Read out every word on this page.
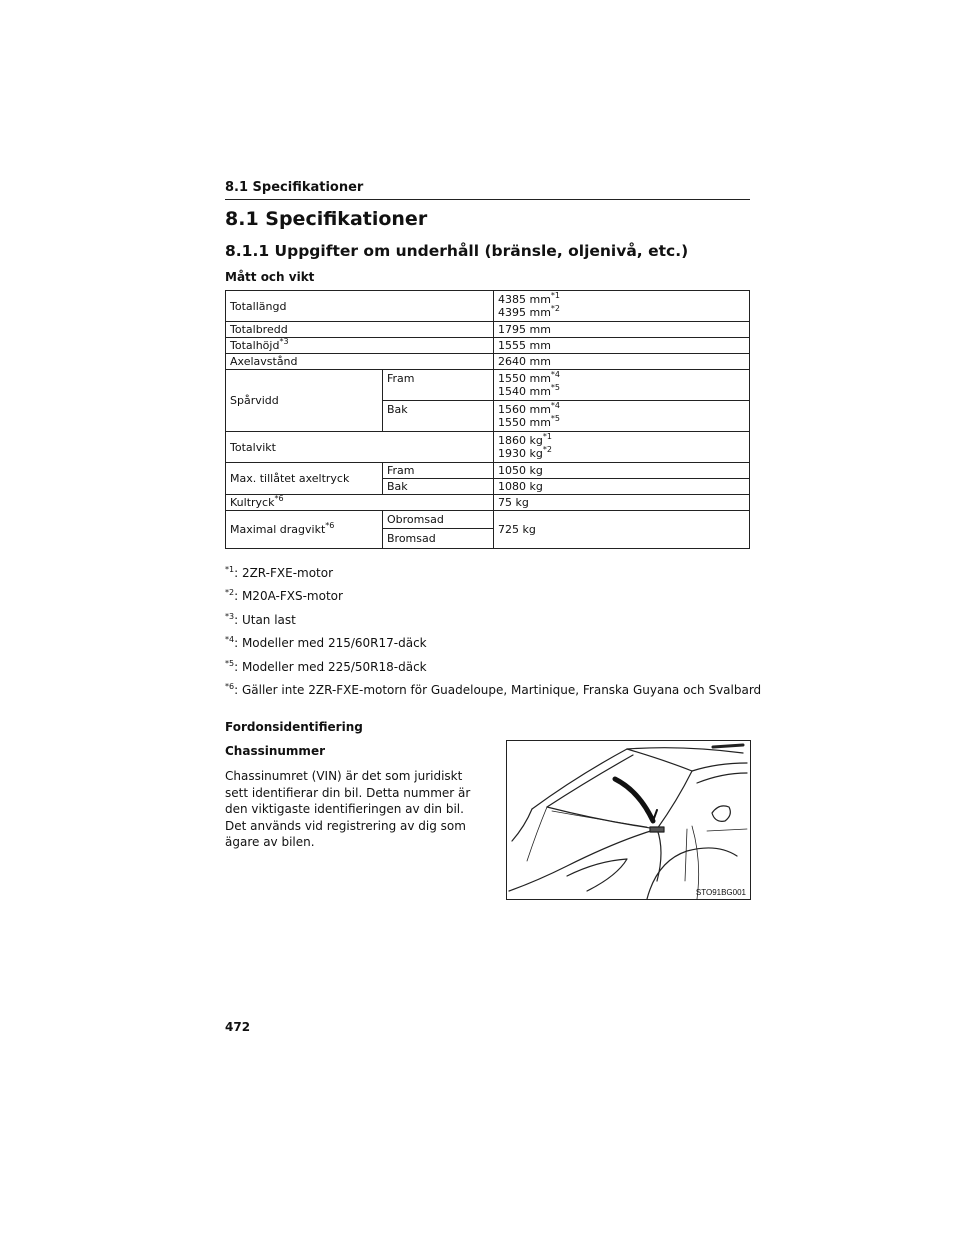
8.1 Specifikationer
8.1 Specifikationer
8.1.1 Uppgifter om underhåll (bränsle, oljenivå, etc.)
Mått och vikt
Totallängd		4385 $mm^{*1}$
4395 $mm^{*2}$

Totalbredd		1795 mm
Totalhöjd$^{*3}$		1555 mm
Axelavstånd		2640 mm
Spårvidd	Fram	1550 $mm^{*4}$
1540 $mm^{*5}$

	Bak	1560 $mm^{*4}$
1550 $mm^{*5}$

Totalvikt		1860 $kg^{*1}$
1930 $kg^{*2}$

Max. tillåtet axeltryck	Fram	1050 kg
	Bak	1080 kg
Kultryck$^{*6}$		75 kg
Maximal dragvikt$^{*6}$	Obromsad	725 kg
	Bromsad	
$^{*1}$: 2ZR-FXE-motor
$^{*2}$: M20A-FXS-motor
$^{*3}$: Utan last
$^{*4}$: Modeller med 215/60R17-däck
$^{*5}$: Modeller med 225/50R18-däck
$^{*6}$: Gäller inte 2ZR-FXE-motorn för Guadeloupe, Martinique, Franska Guyana och Svalbard
Fordonsidentifiering
Chassinummer
Chassinumret (VIN) är det som juridiskt sett identifierar din bil. Detta nummer är den viktigaste identifieringen av din bil. Det används vid registrering av dig som ägare av bilen.
STO91BG001
472
